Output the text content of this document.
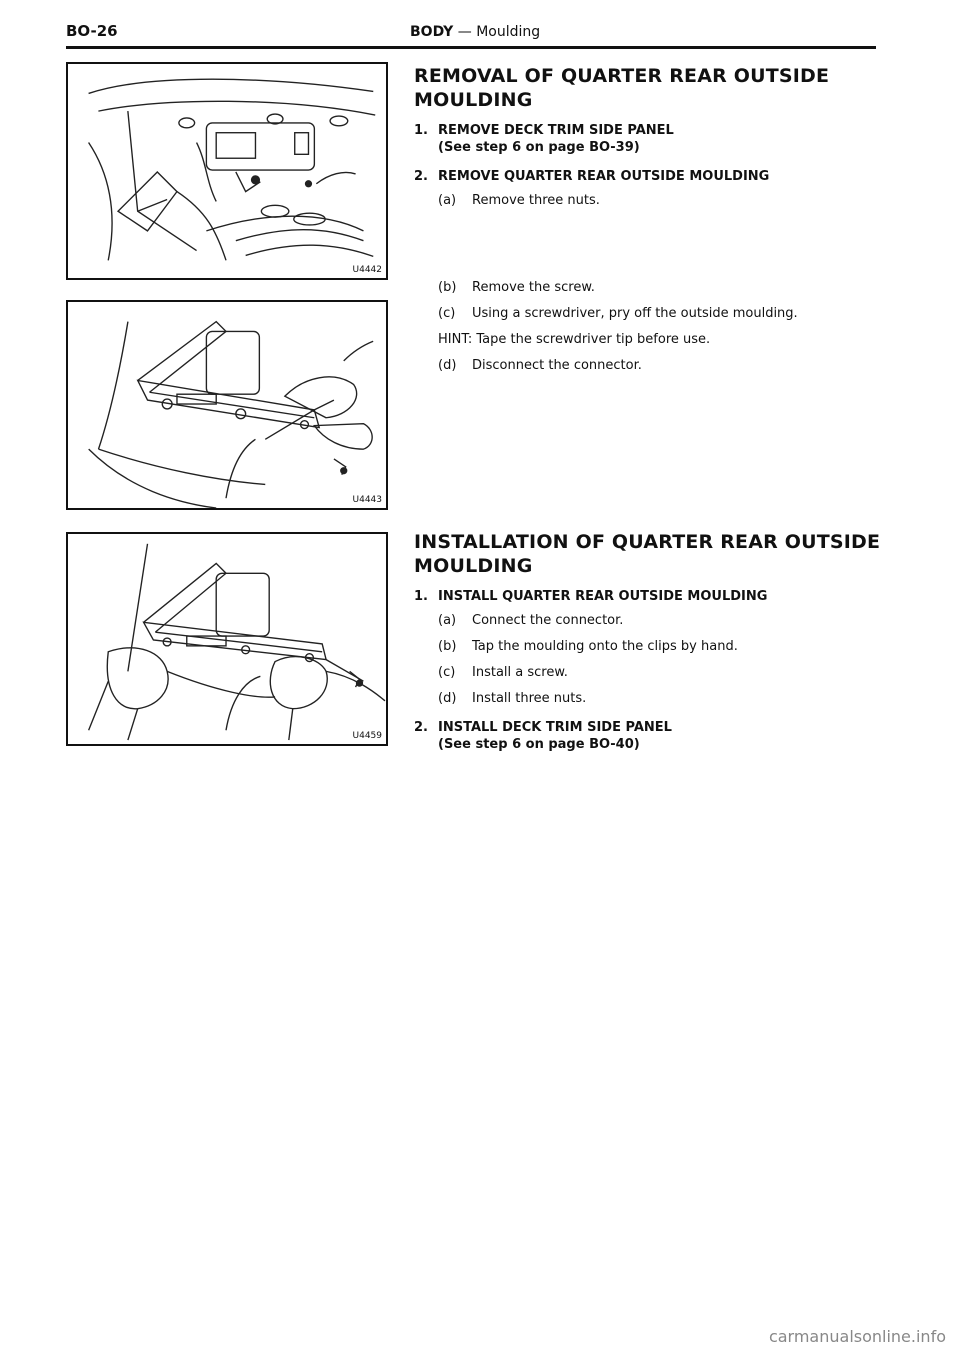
BO-26	BODY — Moulding
U4442
U4443
U4459
REMOVAL OF QUARTER REAR OUTSIDE MOULDING
1. REMOVE DECK TRIM SIDE PANEL
(See step 6 on page BO-39)
2. REMOVE QUARTER REAR OUTSIDE MOULDING
(a) Remove three nuts.
(b) Remove the screw.
(c) Using a screwdriver, pry off the outside moulding.
HINT: Tape the screwdriver tip before use.
(d) Disconnect the connector.
INSTALLATION OF QUARTER REAR OUTSIDE MOULDING
1. INSTALL QUARTER REAR OUTSIDE MOULDING
(a) Connect the connector.
(b) Tap the moulding onto the clips by hand.
(c) Install a screw.
(d) Install three nuts.
2. INSTALL DECK TRIM SIDE PANEL
(See step 6 on page BO-40)
carmanualsonline.info
